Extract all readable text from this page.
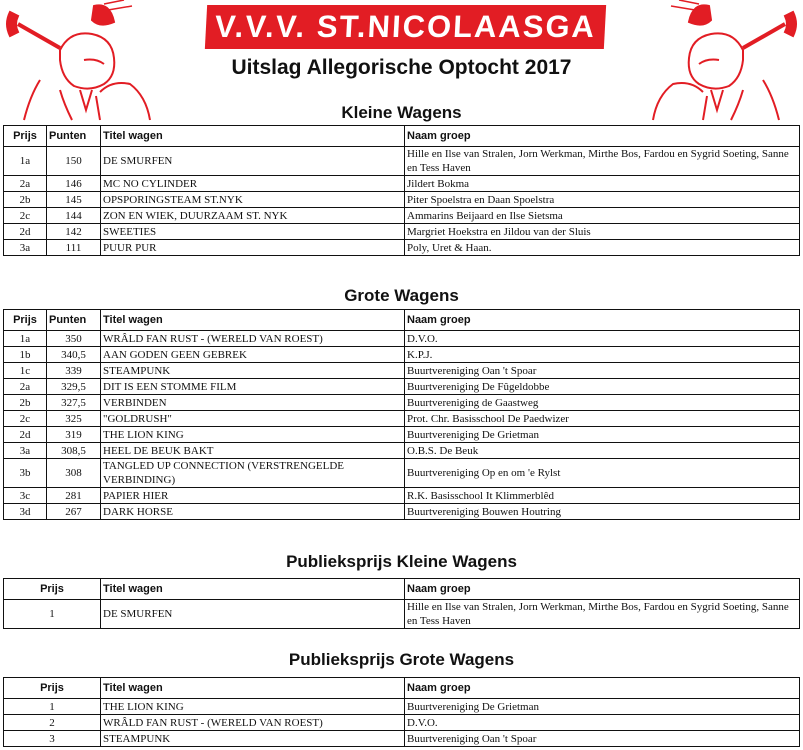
V.V.V. ST.NICOLAASGA
Uitslag Allegorische Optocht 2017
Kleine Wagens
Prijs	Punten	Titel wagen	Naam groep
1a	150	DE SMURFEN	Hille en Ilse van Stralen, Jorn Werkman, Mirthe Bos, Fardou en Sygrid Soeting, Sanne en Tess Haven
2a	146	MC NO CYLINDER	Jildert Bokma
2b	145	OPSPORINGSTEAM ST.NYK	Piter Spoelstra en Daan Spoelstra
2c	144	ZON EN WIEK, DUURZAAM ST. NYK	Ammarins Beijaard en Ilse Sietsma
2d	142	SWEETIES	Margriet Hoekstra en Jildou van der Sluis
3a	111	PUUR PUR	Poly, Uret & Haan.
Grote Wagens
Prijs	Punten	Titel wagen	Naam groep
1a	350	WRÂLD FAN RUST - (WERELD VAN ROEST)	D.V.O.
1b	340,5	AAN GODEN GEEN GEBREK	K.P.J.
1c	339	STEAMPUNK	Buurtvereniging Oan 't Spoar
2a	329,5	DIT IS EEN STOMME FILM	Buurtvereniging De Fûgeldobbe
2b	327,5	VERBINDEN	Buurtvereniging de Gaastweg
2c	325	"GOLDRUSH"	Prot. Chr. Basisschool De Paedwizer
2d	319	THE LION KING	Buurtvereniging De Grietman
3a	308,5	HEEL DE BEUK BAKT	O.B.S. De Beuk
3b	308	TANGLED UP CONNECTION (VERSTRENGELDE VERBINDING)	Buurtvereniging Op en om 'e Rylst
3c	281	PAPIER HIER	R.K. Basisschool It Klimmerblêd
3d	267	DARK HORSE	Buurtvereniging Bouwen Houtring
Publieksprijs Kleine Wagens
Prijs	Titel wagen	Naam groep
1	DE SMURFEN	Hille en Ilse van Stralen, Jorn Werkman, Mirthe Bos, Fardou en Sygrid Soeting, Sanne en Tess Haven
Publieksprijs Grote Wagens
Prijs	Titel wagen	Naam groep
1	THE LION KING	Buurtvereniging De Grietman
2	WRÂLD FAN RUST - (WERELD VAN ROEST)	D.V.O.
3	STEAMPUNK	Buurtvereniging Oan 't Spoar
